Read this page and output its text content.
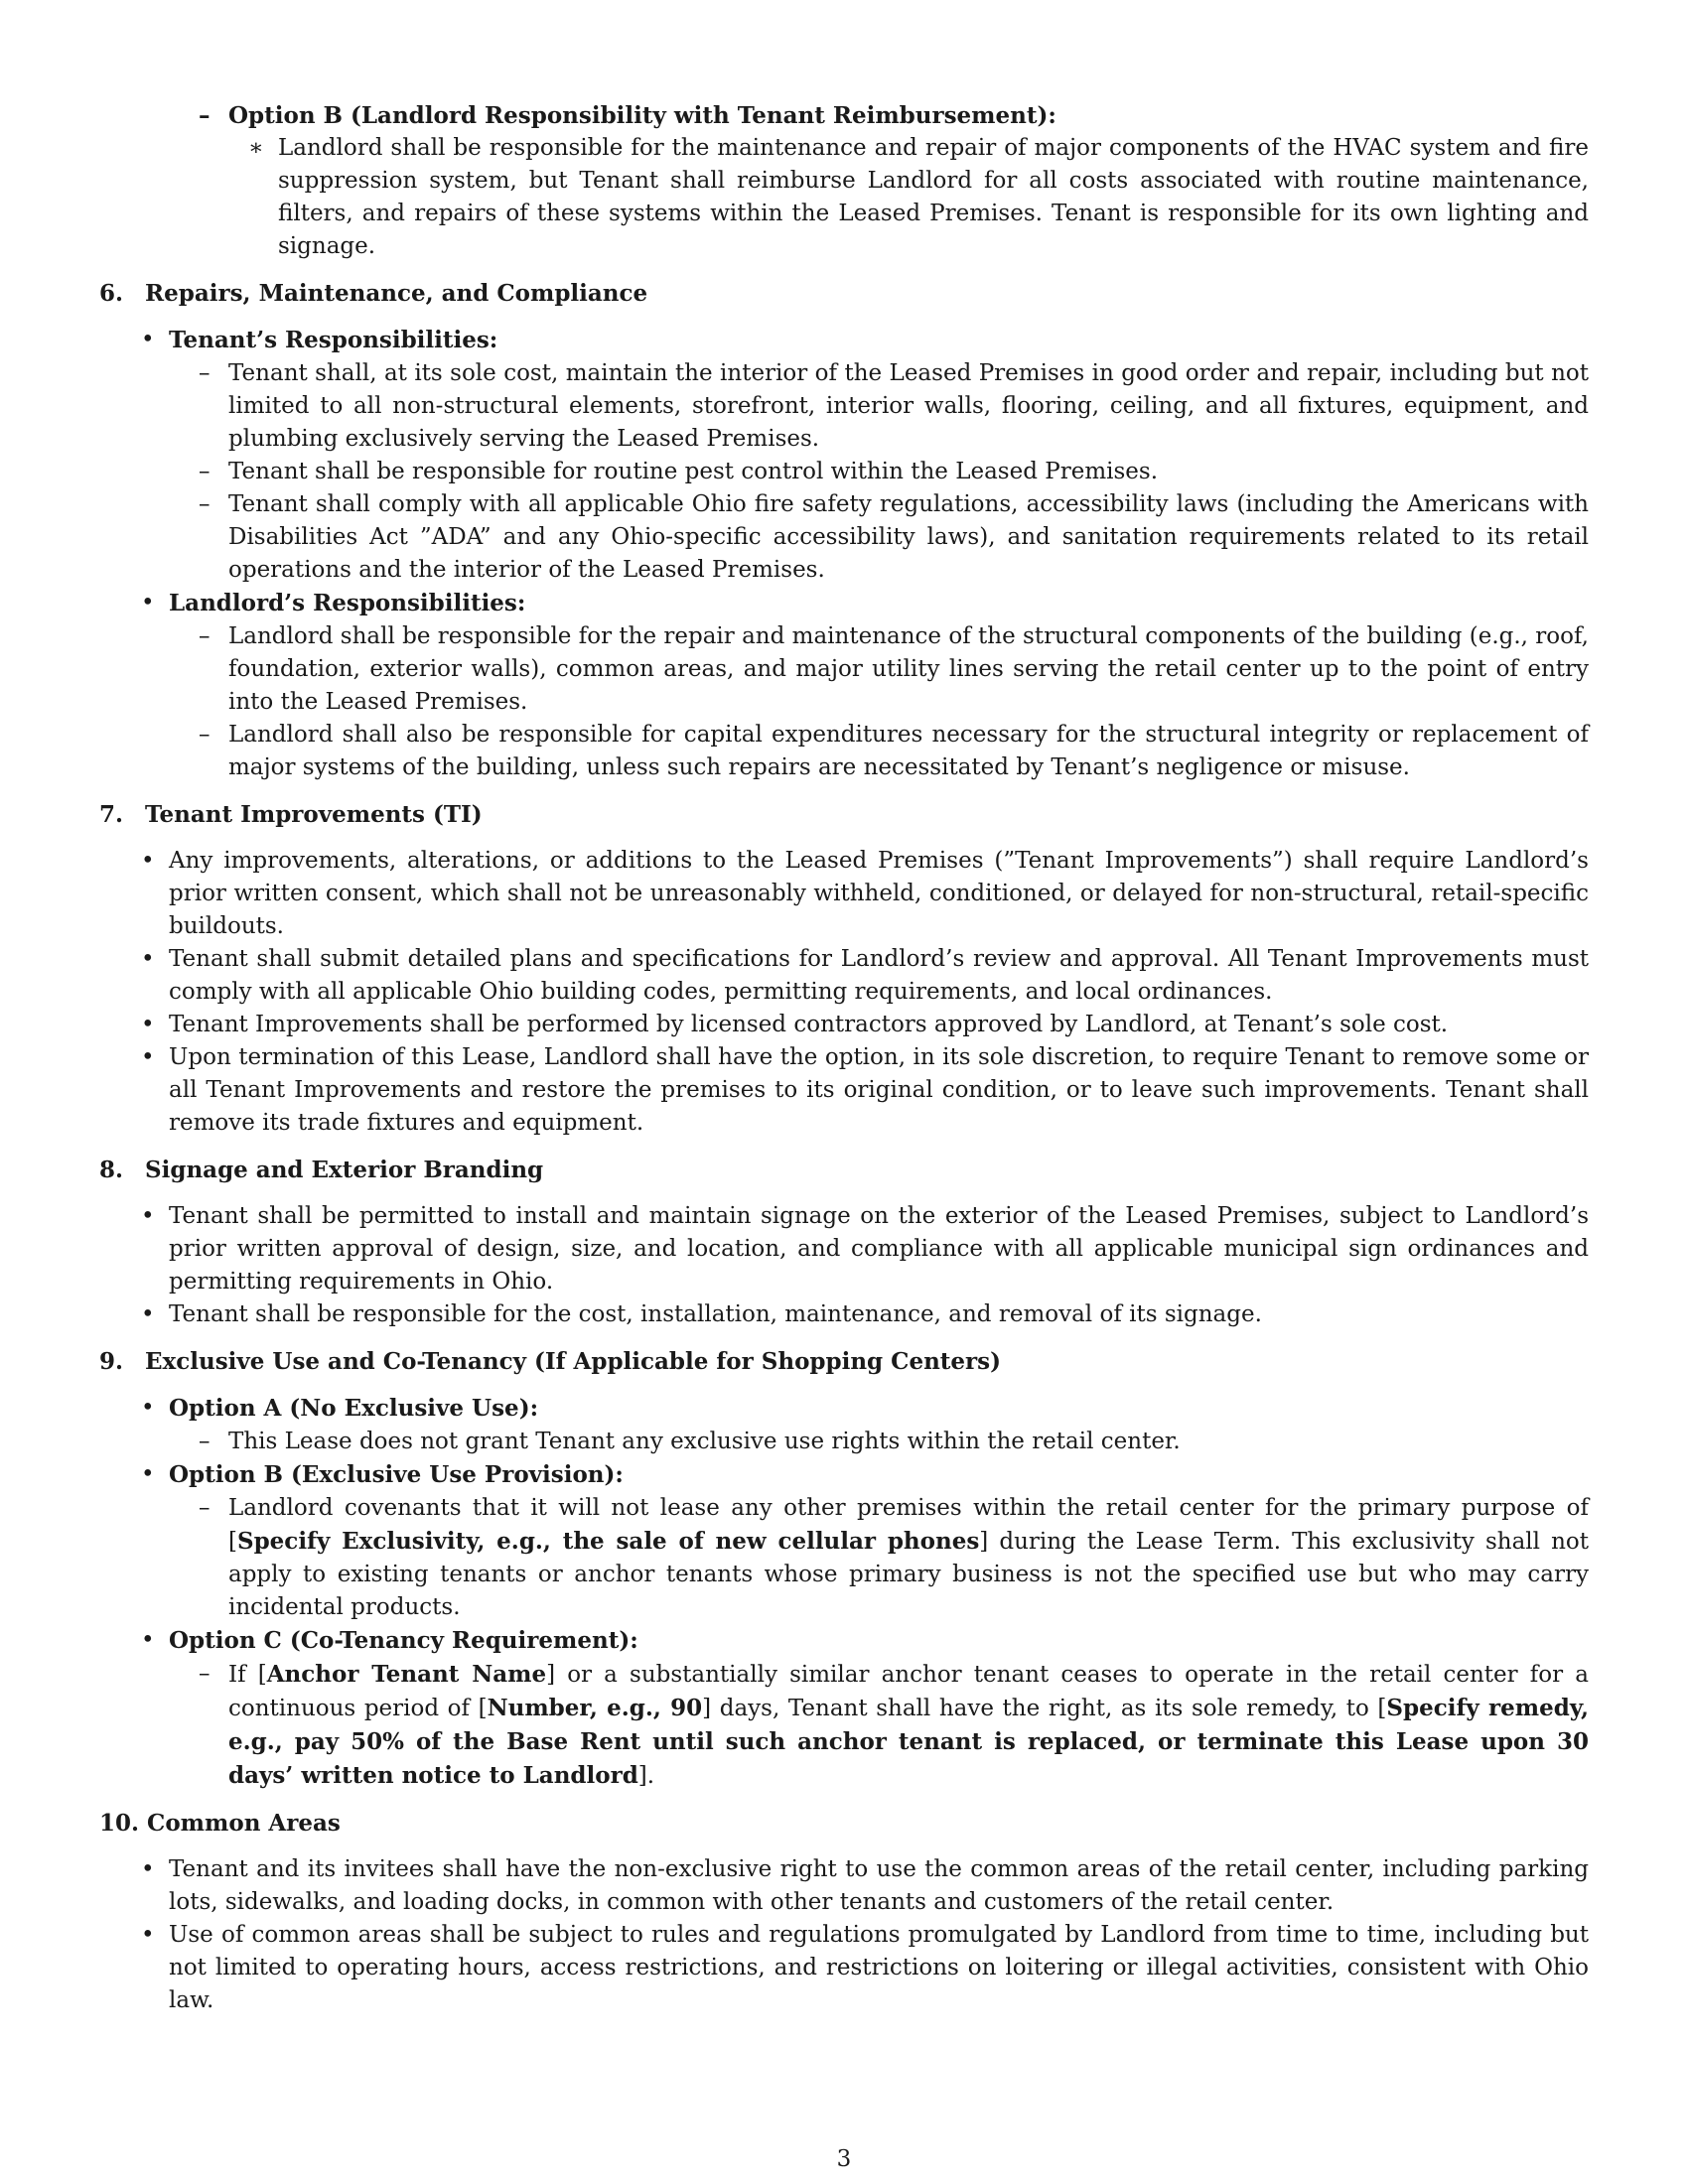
– Option B (Landlord Responsibility with Tenant Reimbursement):
∗ Landlord shall be responsible for the maintenance and repair of major components of the HVAC system and fire suppression system, but Tenant shall reimburse Landlord for all costs associated with routine maintenance, filters, and repairs of these systems within the Leased Premises. Tenant is responsible for its own lighting and signage.
6. Repairs, Maintenance, and Compliance
• Tenant’s Responsibilities:
– Tenant shall, at its sole cost, maintain the interior of the Leased Premises in good order and repair, including but not limited to all non-structural elements, storefront, interior walls, flooring, ceiling, and all fixtures, equipment, and plumbing exclusively serving the Leased Premises.
– Tenant shall be responsible for routine pest control within the Leased Premises.
– Tenant shall comply with all applicable Ohio fire safety regulations, accessibility laws (including the Americans with Disabilities Act ”ADA” and any Ohio-specific accessibility laws), and sanitation requirements related to its retail operations and the interior of the Leased Premises.
• Landlord’s Responsibilities:
– Landlord shall be responsible for the repair and maintenance of the structural components of the building (e.g., roof, foundation, exterior walls), common areas, and major utility lines serving the retail center up to the point of entry into the Leased Premises.
– Landlord shall also be responsible for capital expenditures necessary for the structural integrity or replacement of major systems of the building, unless such repairs are necessitated by Tenant’s negligence or misuse.
7. Tenant Improvements (TI)
• Any improvements, alterations, or additions to the Leased Premises (”Tenant Improvements”) shall require Landlord’s prior written consent, which shall not be unreasonably withheld, conditioned, or delayed for non-structural, retail-specific buildouts.
• Tenant shall submit detailed plans and specifications for Landlord’s review and approval. All Tenant Improvements must comply with all applicable Ohio building codes, permitting requirements, and local ordinances.
• Tenant Improvements shall be performed by licensed contractors approved by Landlord, at Tenant’s sole cost.
• Upon termination of this Lease, Landlord shall have the option, in its sole discretion, to require Tenant to remove some or all Tenant Improvements and restore the premises to its original condition, or to leave such improvements. Tenant shall remove its trade fixtures and equipment.
8. Signage and Exterior Branding
• Tenant shall be permitted to install and maintain signage on the exterior of the Leased Premises, subject to Landlord’s prior written approval of design, size, and location, and compliance with all applicable municipal sign ordinances and permitting requirements in Ohio.
• Tenant shall be responsible for the cost, installation, maintenance, and removal of its signage.
9. Exclusive Use and Co-Tenancy (If Applicable for Shopping Centers)
• Option A (No Exclusive Use):
– This Lease does not grant Tenant any exclusive use rights within the retail center.
• Option B (Exclusive Use Provision):
– Landlord covenants that it will not lease any other premises within the retail center for the primary purpose of [Specify Exclusivity, e.g., the sale of new cellular phones] during the Lease Term. This exclusivity shall not apply to existing tenants or anchor tenants whose primary business is not the specified use but who may carry incidental products.
• Option C (Co-Tenancy Requirement):
– If [Anchor Tenant Name] or a substantially similar anchor tenant ceases to operate in the retail center for a continuous period of [Number, e.g., 90] days, Tenant shall have the right, as its sole remedy, to [Specify remedy, e.g., pay 50% of the Base Rent until such anchor tenant is replaced, or terminate this Lease upon 30 days’ written notice to Landlord].
10. Common Areas
• Tenant and its invitees shall have the non-exclusive right to use the common areas of the retail center, including parking lots, sidewalks, and loading docks, in common with other tenants and customers of the retail center.
• Use of common areas shall be subject to rules and regulations promulgated by Landlord from time to time, including but not limited to operating hours, access restrictions, and restrictions on loitering or illegal activities, consistent with Ohio law.
3
